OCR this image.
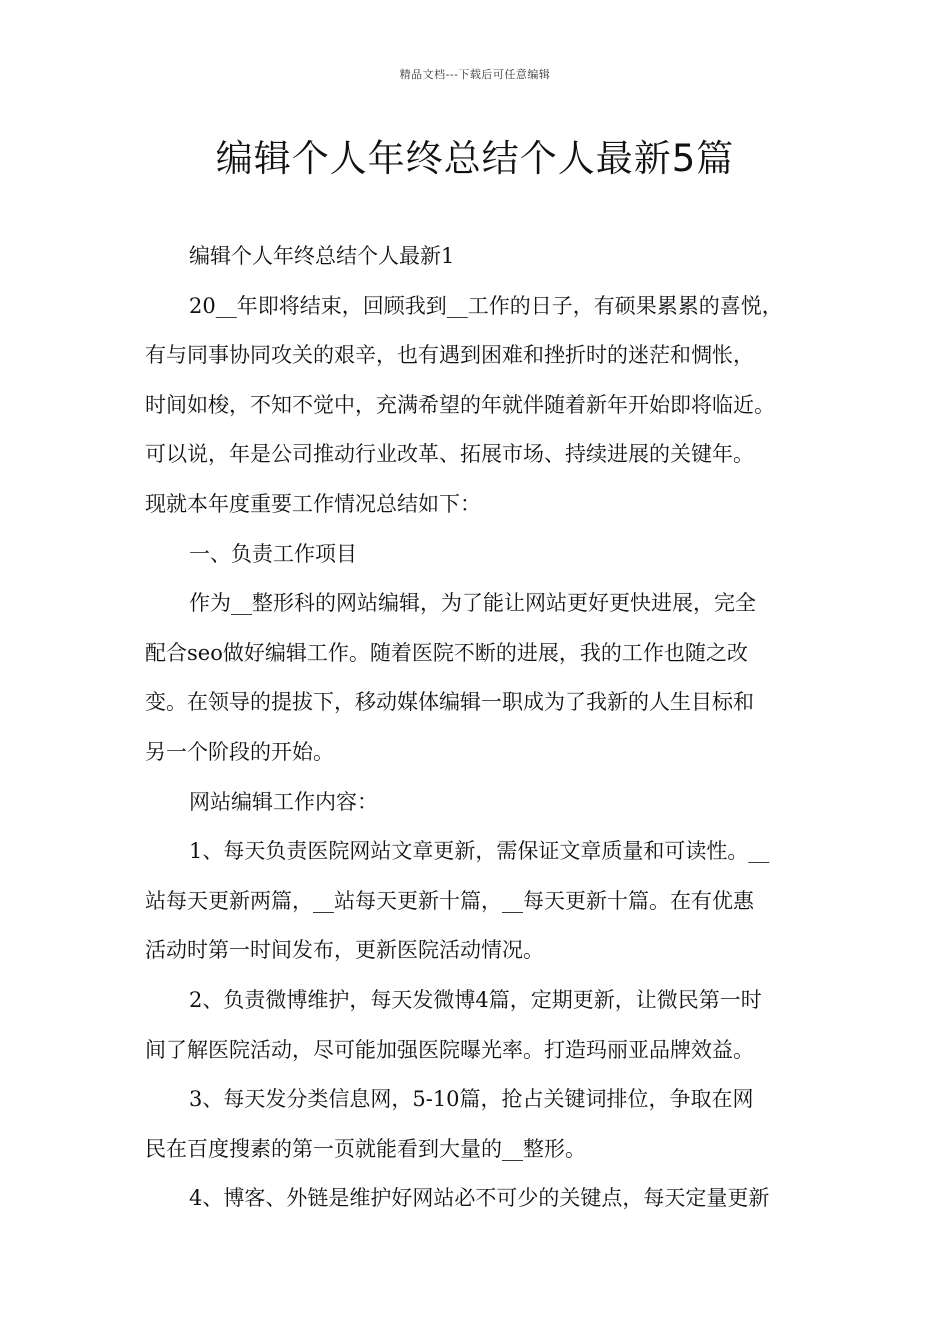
精品文档---下载后可任意编辑
编辑个人年终总结个人最新5篇
编辑个人年终总结个人最新1
20__年即将结束，回顾我到__工作的日子，有硕果累累的喜悦，
有与同事协同攻关的艰辛，也有遇到困难和挫折时的迷茫和惆怅，
时间如梭，不知不觉中，充满希望的年就伴随着新年开始即将临近。
可以说，年是公司推动行业改革、拓展市场、持续进展的关键年。
现就本年度重要工作情况总结如下：
一、负责工作项目
作为__整形科的网站编辑，为了能让网站更好更快进展，完全
配合seo做好编辑工作。随着医院不断的进展，我的工作也随之改
变。在领导的提拔下，移动媒体编辑一职成为了我新的人生目标和
另一个阶段的开始。
网站编辑工作内容：
1、每天负责医院网站文章更新，需保证文章质量和可读性。__
站每天更新两篇，__站每天更新十篇，__每天更新十篇。在有优惠
活动时第一时间发布，更新医院活动情况。
2、负责微博维护，每天发微博4篇，定期更新，让微民第一时
间了解医院活动，尽可能加强医院曝光率。打造玛丽亚品牌效益。
3、每天发分类信息网，5-10篇，抢占关键词排位，争取在网
民在百度搜素的第一页就能看到大量的__整形。
4、博客、外链是维护好网站必不可少的关键点，每天定量更新
